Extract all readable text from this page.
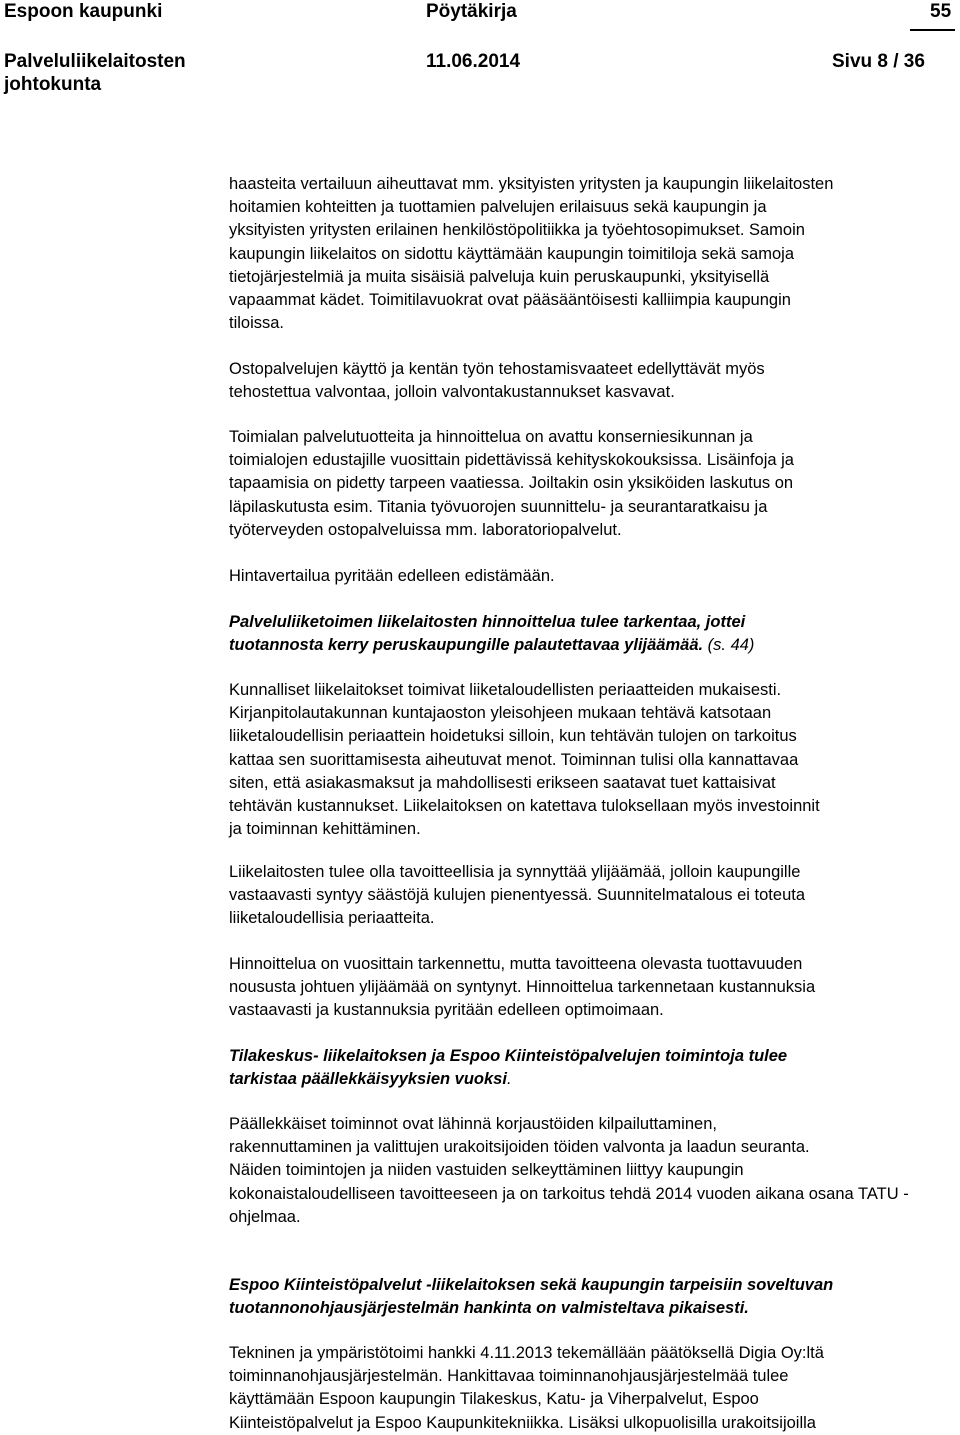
Espoon kaupunki	Pöytäkirja	55
Palveluliikelaitosten
johtokunta
11.06.2014	Sivu 8 / 36

haasteita vertailuun aiheuttavat mm. yksityisten yritysten ja kaupungin liikelaitosten
hoitamien kohteitten ja tuottamien palvelujen erilaisuus sekä kaupungin ja
yksityisten yritysten erilainen henkilöstöpolitiikka ja työehtosopimukset. Samoin
kaupungin liikelaitos on sidottu käyttämään kaupungin toimitiloja sekä samoja
tietojärjestelmiä ja muita sisäisiä palveluja kuin peruskaupunki, yksityisellä
vapaammat kädet. Toimitilavuokrat ovat pääsääntöisesti kalliimpia kaupungin
tiloissa.

Ostopalvelujen käyttö ja kentän työn tehostamisvaateet edellyttävät myös
tehostettua valvontaa, jolloin valvontakustannukset kasvavat.

Toimialan palvelutuotteita ja hinnoittelua on avattu konserniesikunnan ja
toimialojen edustajille vuosittain pidettävissä kehityskokouksissa. Lisäinfoja ja
tapaamisia on pidetty tarpeen vaatiessa. Joiltakin osin yksiköiden laskutus on
läpilaskutusta esim. Titania työvuorojen suunnittelu- ja seurantaratkaisu ja
työterveyden ostopalveluissa mm. laboratoriopalvelut.

Hintavertailua pyritään edelleen edistämään.

Palveluliiketoimen liikelaitosten hinnoittelua tulee tarkentaa, jottei
tuotannosta kerry peruskaupungille palautettavaa ylijäämää. (s. 44)

Kunnalliset liikelaitokset toimivat liiketaloudellisten periaatteiden mukaisesti.
Kirjanpitolautakunnan kuntajaoston yleisohjeen mukaan tehtävä katsotaan
liiketaloudellisin periaattein hoidetuksi silloin, kun tehtävän tulojen on tarkoitus
kattaa sen suorittamisesta aiheutuvat menot. Toiminnan tulisi olla kannattavaa
siten, että asiakasmaksut ja mahdollisesti erikseen saatavat tuet kattaisivat
tehtävän kustannukset. Liikelaitoksen on katettava tuloksellaan myös investoinnit
ja toiminnan kehittäminen.

Liikelaitosten tulee olla tavoitteellisia ja synnyttää ylijäämää, jolloin kaupungille
vastaavasti syntyy säästöjä kulujen pienentyessä. Suunnitelmatalous ei toteuta
liiketaloudellisia periaatteita.

Hinnoittelua on vuosittain tarkennettu, mutta tavoitteena olevasta tuottavuuden
noususta johtuen ylijäämää on syntynyt. Hinnoittelua tarkennetaan kustannuksia
vastaavasti ja kustannuksia pyritään edelleen optimoimaan.

Tilakeskus- liikelaitoksen ja Espoo Kiinteistöpalvelujen toimintoja tulee
tarkistaa päällekkäisyyksien vuoksi.

Päällekkäiset toiminnot ovat lähinnä korjaustöiden kilpailuttaminen,
rakennuttaminen ja valittujen urakoitsijoiden töiden valvonta ja laadun seuranta.
Näiden toimintojen ja niiden vastuiden selkeyttäminen liittyy kaupungin
kokonaistaloudelliseen tavoitteeseen ja on tarkoitus tehdä 2014 vuoden aikana osana TATU -
ohjelmaa.

Espoo Kiinteistöpalvelut -liikelaitoksen sekä kaupungin tarpeisiin soveltuvan
tuotannonohjausjärjestelmän hankinta on valmisteltava pikaisesti.

Tekninen ja ympäristötoimi hankki 4.11.2013 tekemällään päätöksellä Digia Oy:ltä
toiminnanohjausjärjestelmän. Hankittavaa toiminnanohjausjärjestelmää tulee
käyttämään Espoon kaupungin Tilakeskus, Katu- ja Viherpalvelut, Espoo
Kiinteistöpalvelut ja Espoo Kaupunkitekniikka. Lisäksi ulkopuolisilla urakoitsijoilla
